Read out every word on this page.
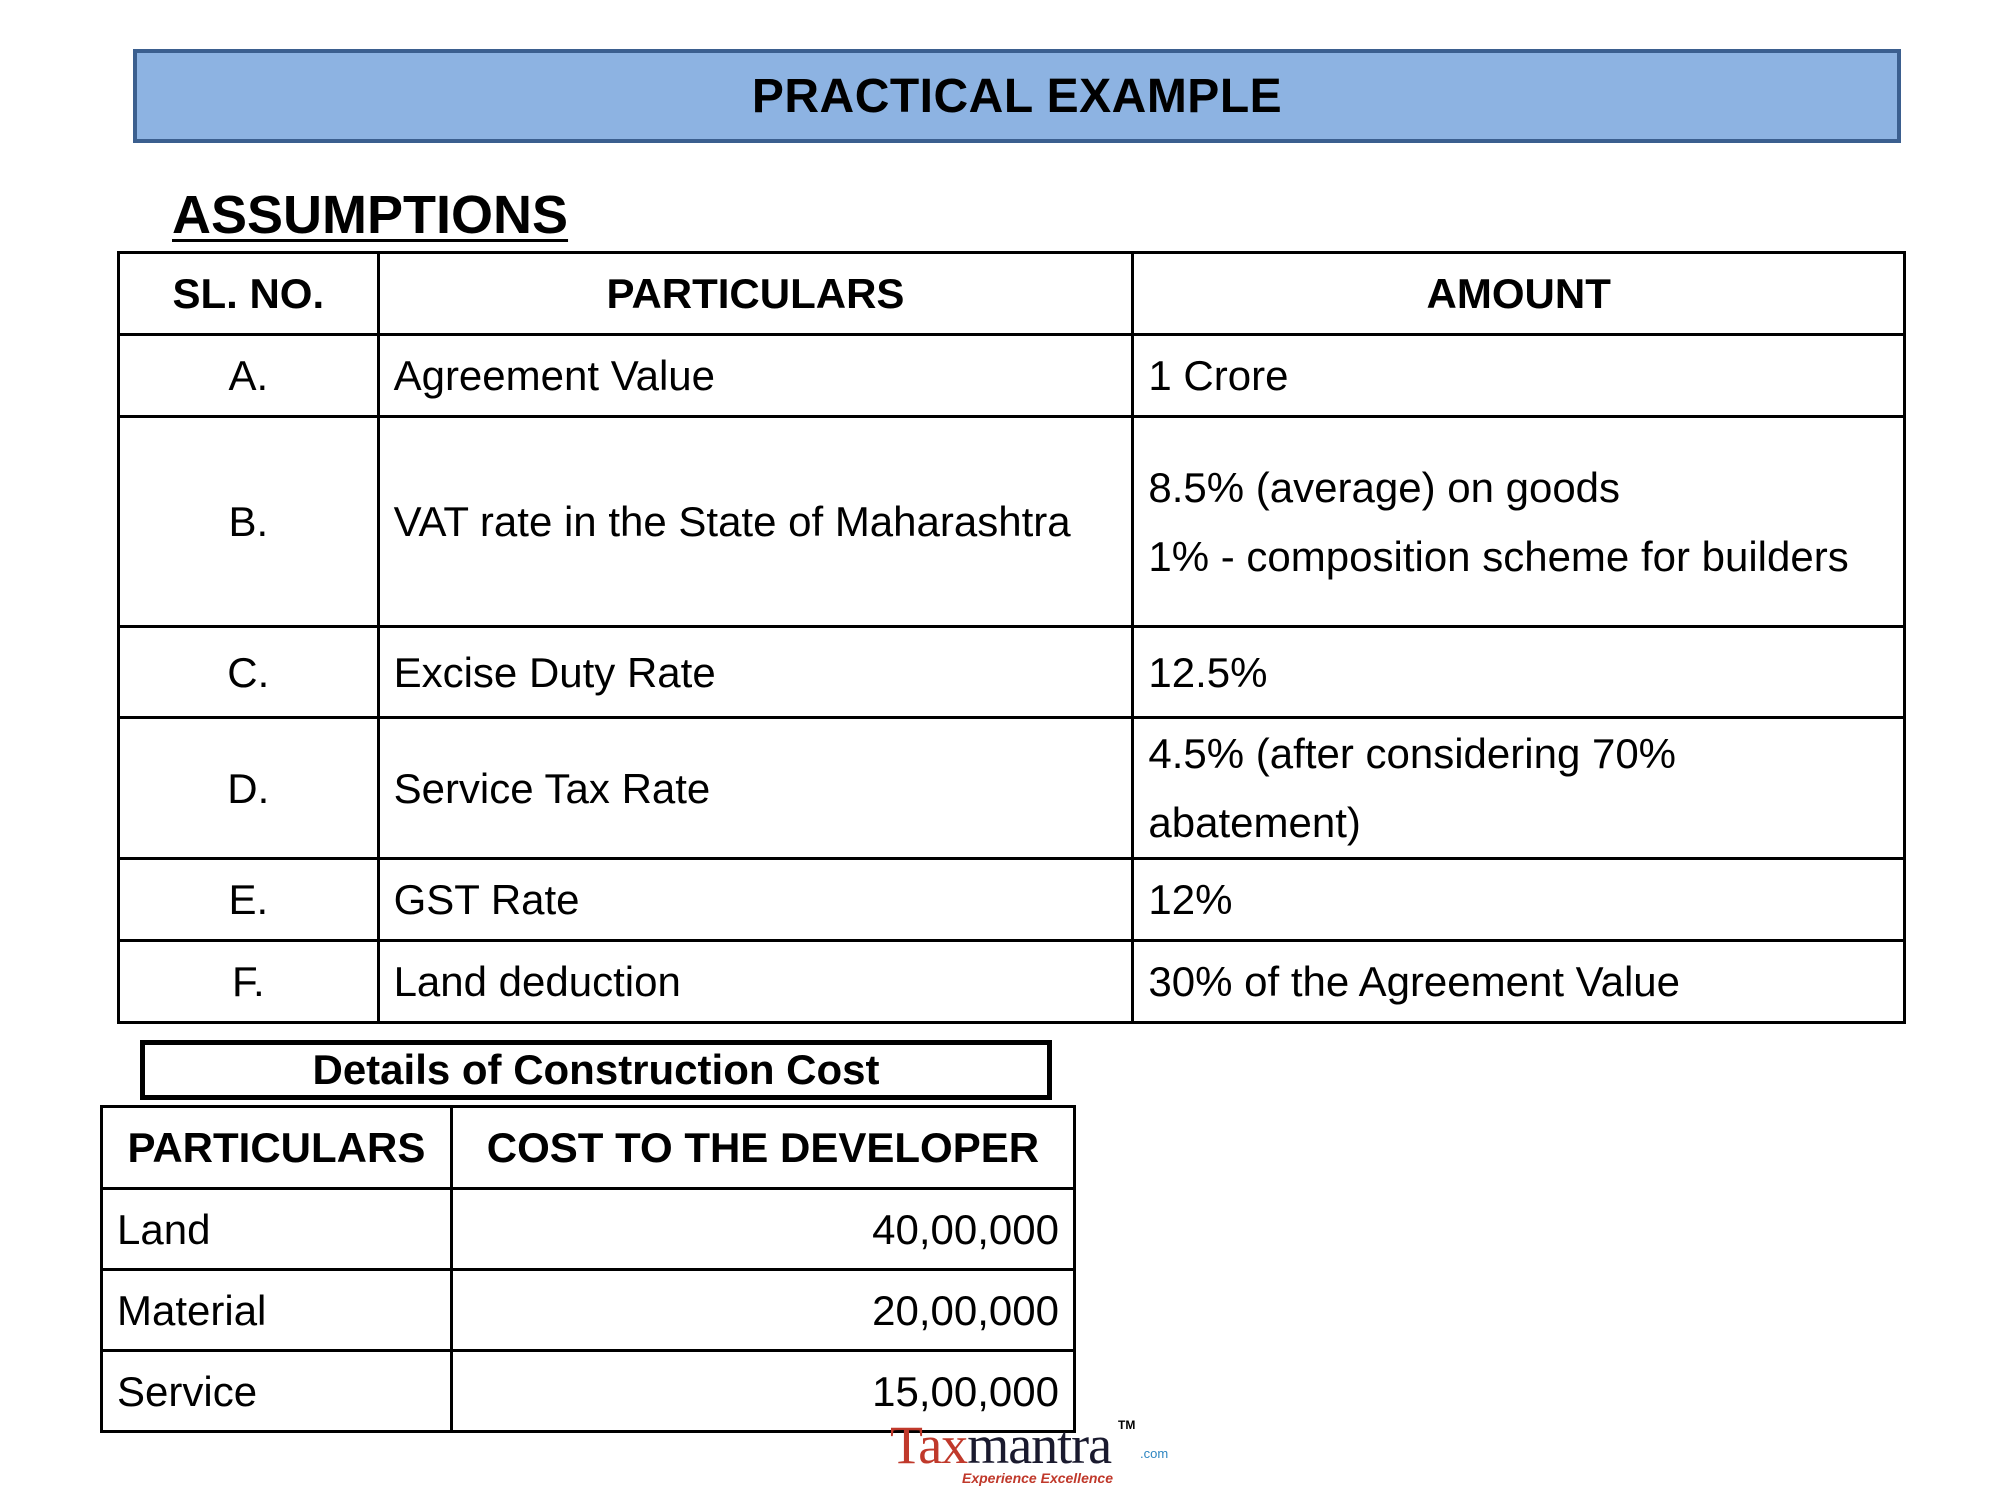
PRACTICAL EXAMPLE
ASSUMPTIONS
SL. NO.	PARTICULARS	AMOUNT
A.	Agreement Value	1 Crore
B.	VAT rate in the State of Maharashtra	8.5% (average) on goods
1% - composition scheme for builders

C.	Excise Duty Rate	12.5%
D.	Service Tax Rate	4.5% (after considering 70% abatement)
E.	GST Rate	12%
F.	Land deduction	30% of the Agreement Value
Details of Construction Cost
PARTICULARS	COST TO THE DEVELOPER
Land	40,00,000
Material	20,00,000
Service	15,00,000
Taxmantra TM
.com
Experience Excellence
